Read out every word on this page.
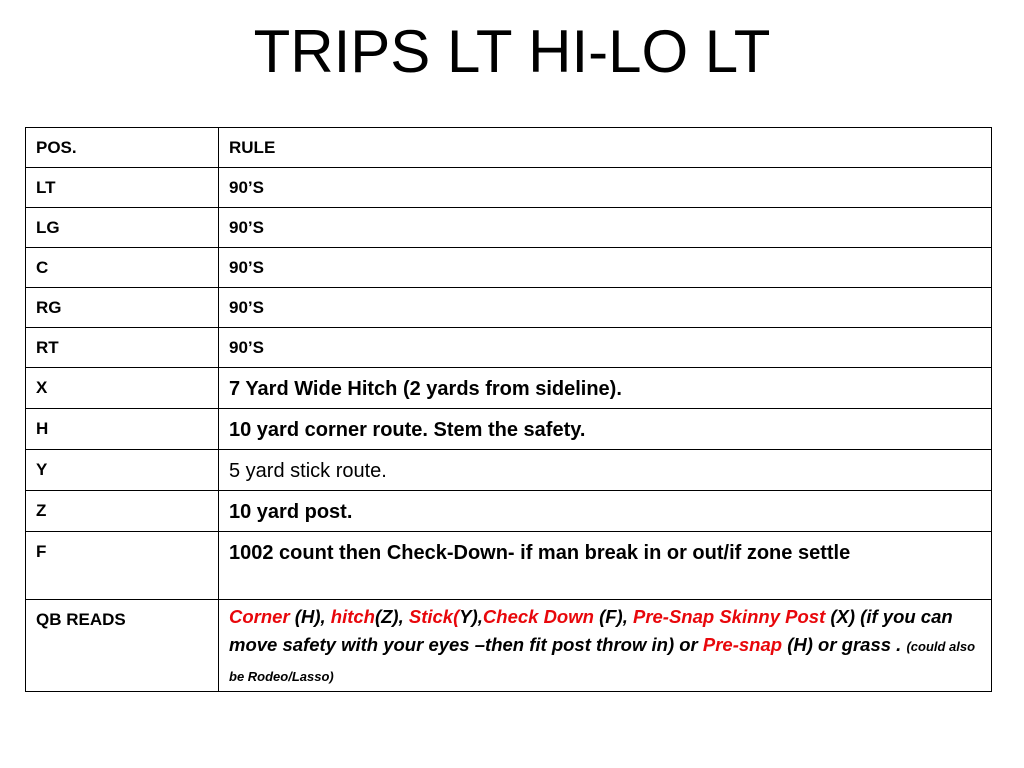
TRIPS LT HI-LO LT
POS.	RULE
LT	90’S
LG	90’S
C	90’S
RG	90’S
RT	90’S
X	7 Yard Wide Hitch (2 yards from sideline).
H	10 yard corner route. Stem the safety.
Y	5 yard stick route.
Z	10 yard post.
F	1002 count then Check-Down- if man break in or out/if zone settle
QB READS	Corner (H), hitch(Z), Stick(Y),Check Down (F), Pre-Snap Skinny Post (X) (if you can move safety with your eyes –then fit post throw in) or Pre-snap (H) or grass . (could also be Rodeo/Lasso)
